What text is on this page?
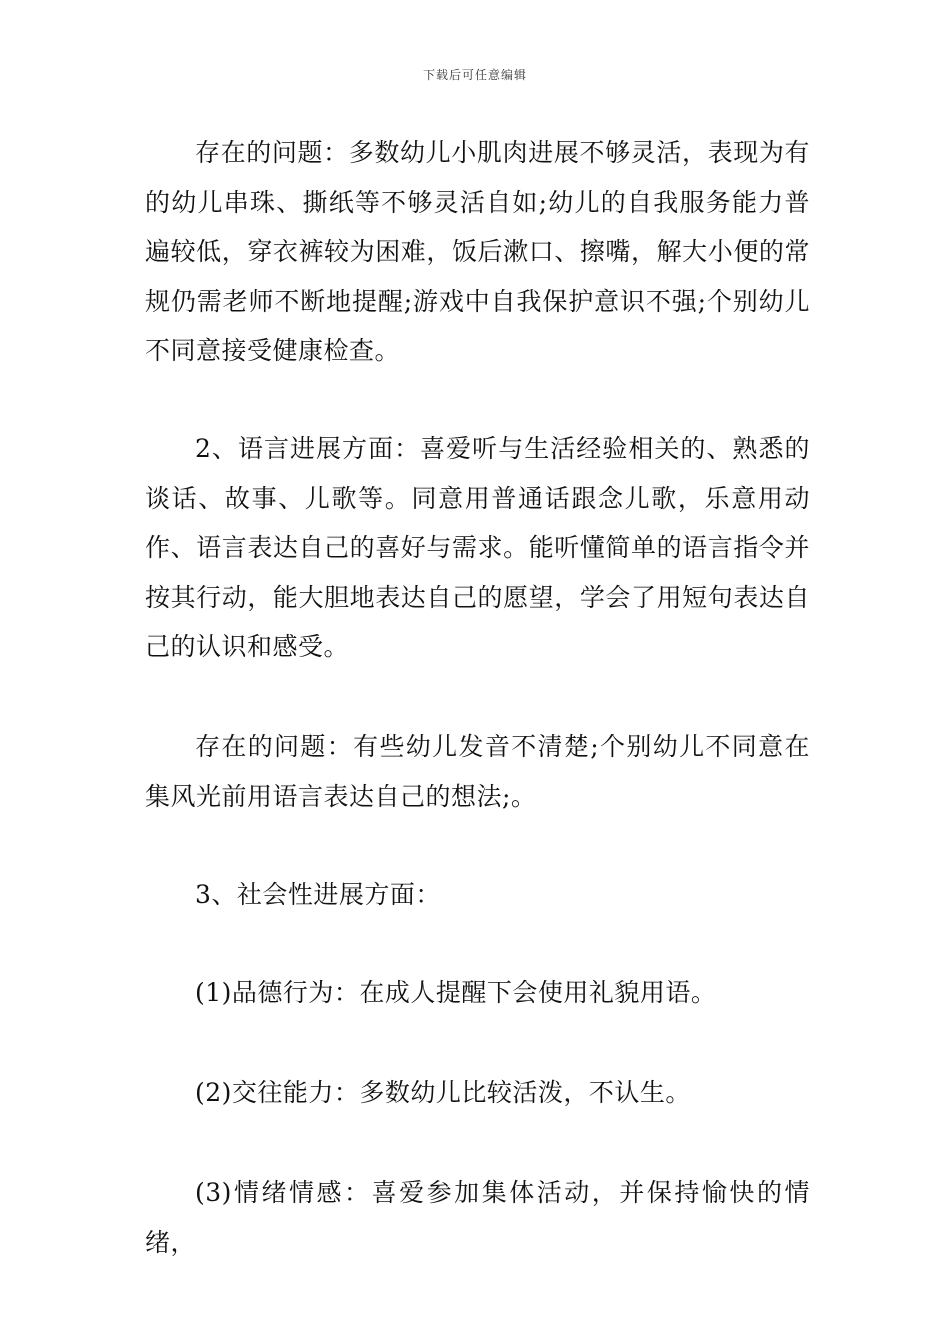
下载后可任意编辑

存在的问题：多数幼儿小肌肉进展不够灵活，表现为有的幼儿串珠、撕纸等不够灵活自如;幼儿的自我服务能力普遍较低，穿衣裤较为困难，饭后漱口、擦嘴，解大小便的常规仍需老师不断地提醒;游戏中自我保护意识不强;个别幼儿不同意接受健康检查。

2、语言进展方面：喜爱听与生活经验相关的、熟悉的谈话、故事、儿歌等。同意用普通话跟念儿歌，乐意用动作、语言表达自己的喜好与需求。能听懂简单的语言指令并按其行动，能大胆地表达自己的愿望，学会了用短句表达自己的认识和感受。

存在的问题：有些幼儿发音不清楚;个别幼儿不同意在集风光前用语言表达自己的想法;。

3、社会性进展方面：

(1)品德行为：在成人提醒下会使用礼貌用语。

(2)交往能力：多数幼儿比较活泼，不认生。

(3)情绪情感：喜爱参加集体活动，并保持愉快的情绪，
